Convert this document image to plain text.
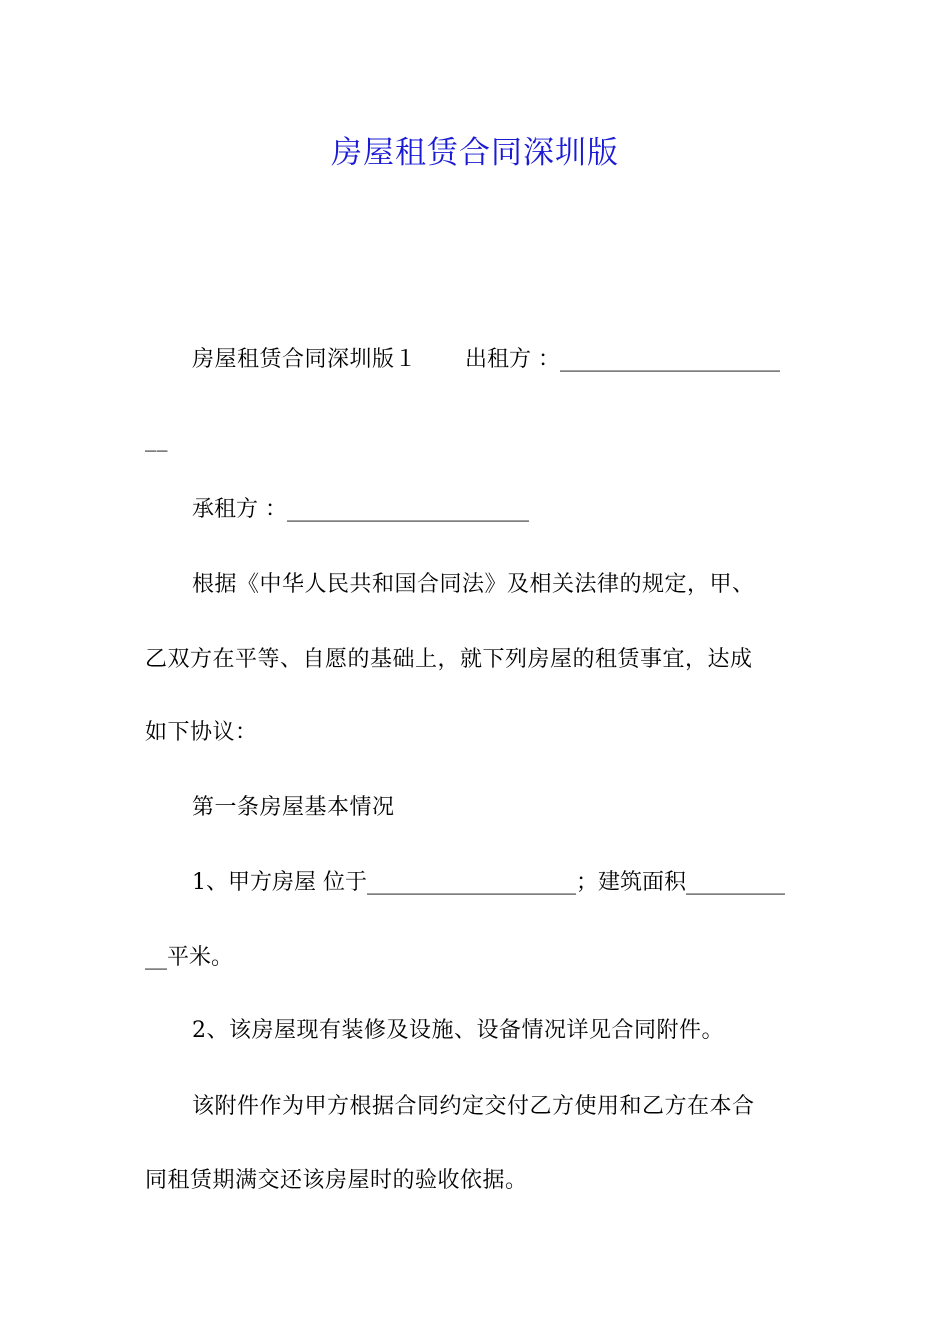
房屋租赁合同深圳版
房屋租赁合同深圳版１ 出租方 ：____________________
__
承租方 ：______________________
根据《中华人民共和国合同法》及相关法律的规定，甲、
乙双方在平等、自愿的基础上，就下列房屋的租赁事宜，达成
如下协议：
第一条房屋基本情况
1、甲方房屋 位于___________________；建筑面积_________
__平米。
2、该房屋现有装修及设施、设备情况详见合同附件。
该附件作为甲方根据合同约定交付乙方使用和乙方在本合
同租赁期满交还该房屋时的验收依据。
